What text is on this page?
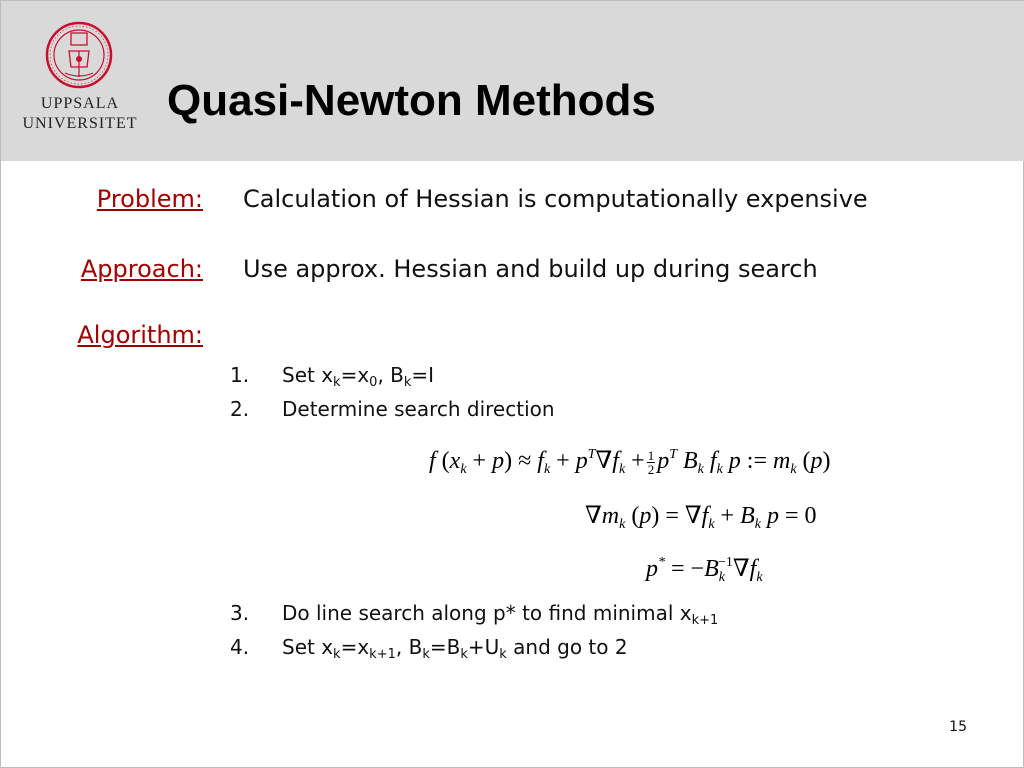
UPPSALA
UNIVERSITET Quasi-Newton Methods
Problem: Calculation of Hessian is computationally expensive
Approach: Use approx. Hessian and build up during search
Algorithm:
1. Set $x_k=x_0$, $B_k=I$
2. Determine search direction
f $(x_k + p) \approx f_k + p^T\nabla f_k + \frac{1}{2} p^T$ $B_k$ $f_k$ p := $m_k$ (p)
$\nabla m_k$ $(p) = \nabla f_k + B_k$ p = 0
$p^* = -B_k^{-1}\nabla f_k$
3. Do line search along p* to find minimal $x_{k+1}$
4. Set $x_k=x_{k+1}$, $B_k=B_k+U_k$ and go to 2
15
